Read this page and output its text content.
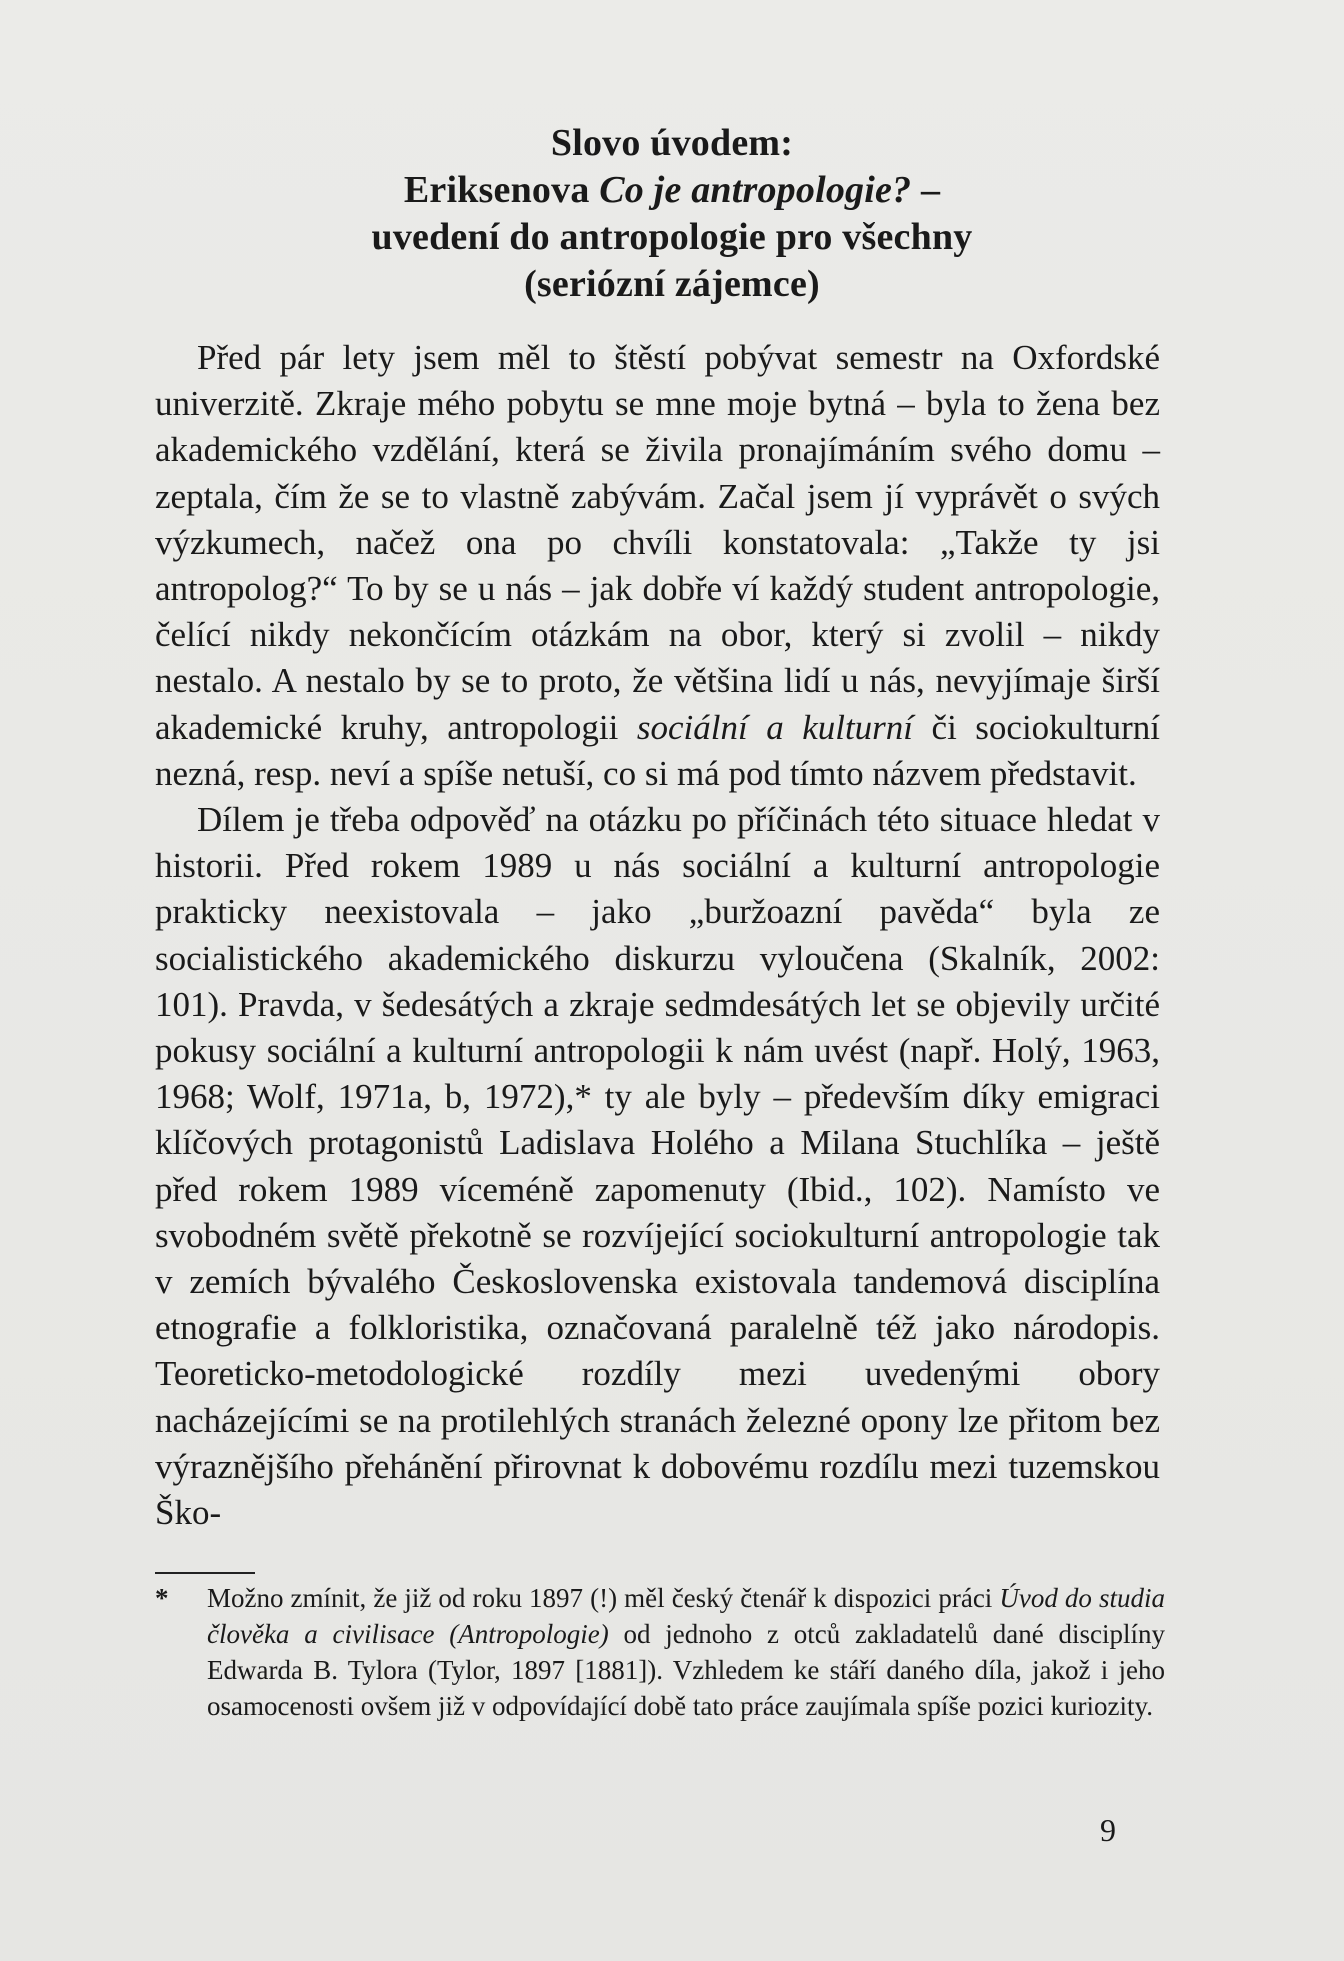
Slovo úvodem:
Eriksenova Co je antropologie? –
uvedení do antropologie pro všechny
(seriózní zájemce)

Před pár lety jsem měl to štěstí pobývat semestr na Oxfordské univerzitě. Zkraje mého pobytu se mne moje bytná – byla to žena bez akademického vzdělání, která se živila pronajímáním svého domu – zeptala, čím že se to vlastně zabývám. Začal jsem jí vyprávět o svých výzkumech, načež ona po chvíli konstatovala: „Takže ty jsi antropolog?“ To by se u nás – jak dobře ví každý student antropologie, čelící nikdy nekončícím otázkám na obor, který si zvolil – nikdy nestalo. A nestalo by se to proto, že většina lidí u nás, nevyjímaje širší akademické kruhy, antropologii sociální a kulturní či sociokulturní nezná, resp. neví a spíše netuší, co si má pod tímto názvem představit.

Dílem je třeba odpověď na otázku po příčinách této situace hledat v historii. Před rokem 1989 u nás sociální a kulturní antropologie prakticky neexistovala – jako „buržoazní pavěda“ byla ze socialistického akademického diskurzu vyloučena (Skalník, 2002: 101). Pravda, v šedesátých a zkraje sedmdesátých let se objevily určité pokusy sociální a kulturní antropologii k nám uvést (např. Holý, 1963, 1968; Wolf, 1971a, b, 1972),* ty ale byly – především díky emigraci klíčových protagonistů Ladislava Holého a Milana Stuchlíka – ještě před rokem 1989 víceméně zapomenuty (Ibid., 102). Namísto ve svobodném světě překotně se rozvíjející sociokulturní antropologie tak v zemích bývalého Československa existovala tandemová disciplína etnografie a folkloristika, označovaná paralelně též jako národopis. Teoreticko-metodologické rozdíly mezi uvedenými obory nacházejícími se na protilehlých stranách železné opony lze přitom bez výraznějšího přehánění přirovnat k dobovému rozdílu mezi tuzemskou Ško-

* Možno zmínit, že již od roku 1897 (!) měl český čtenář k dispozici práci Úvod do studia člověka a civilisace (Antropologie) od jednoho z otců zakladatelů dané disciplíny Edwarda B. Tylora (Tylor, 1897 [1881]). Vzhledem ke stáří daného díla, jakož i jeho osamocenosti ovšem již v odpovídající době tato práce zaujímala spíše pozici kuriozity.
9
